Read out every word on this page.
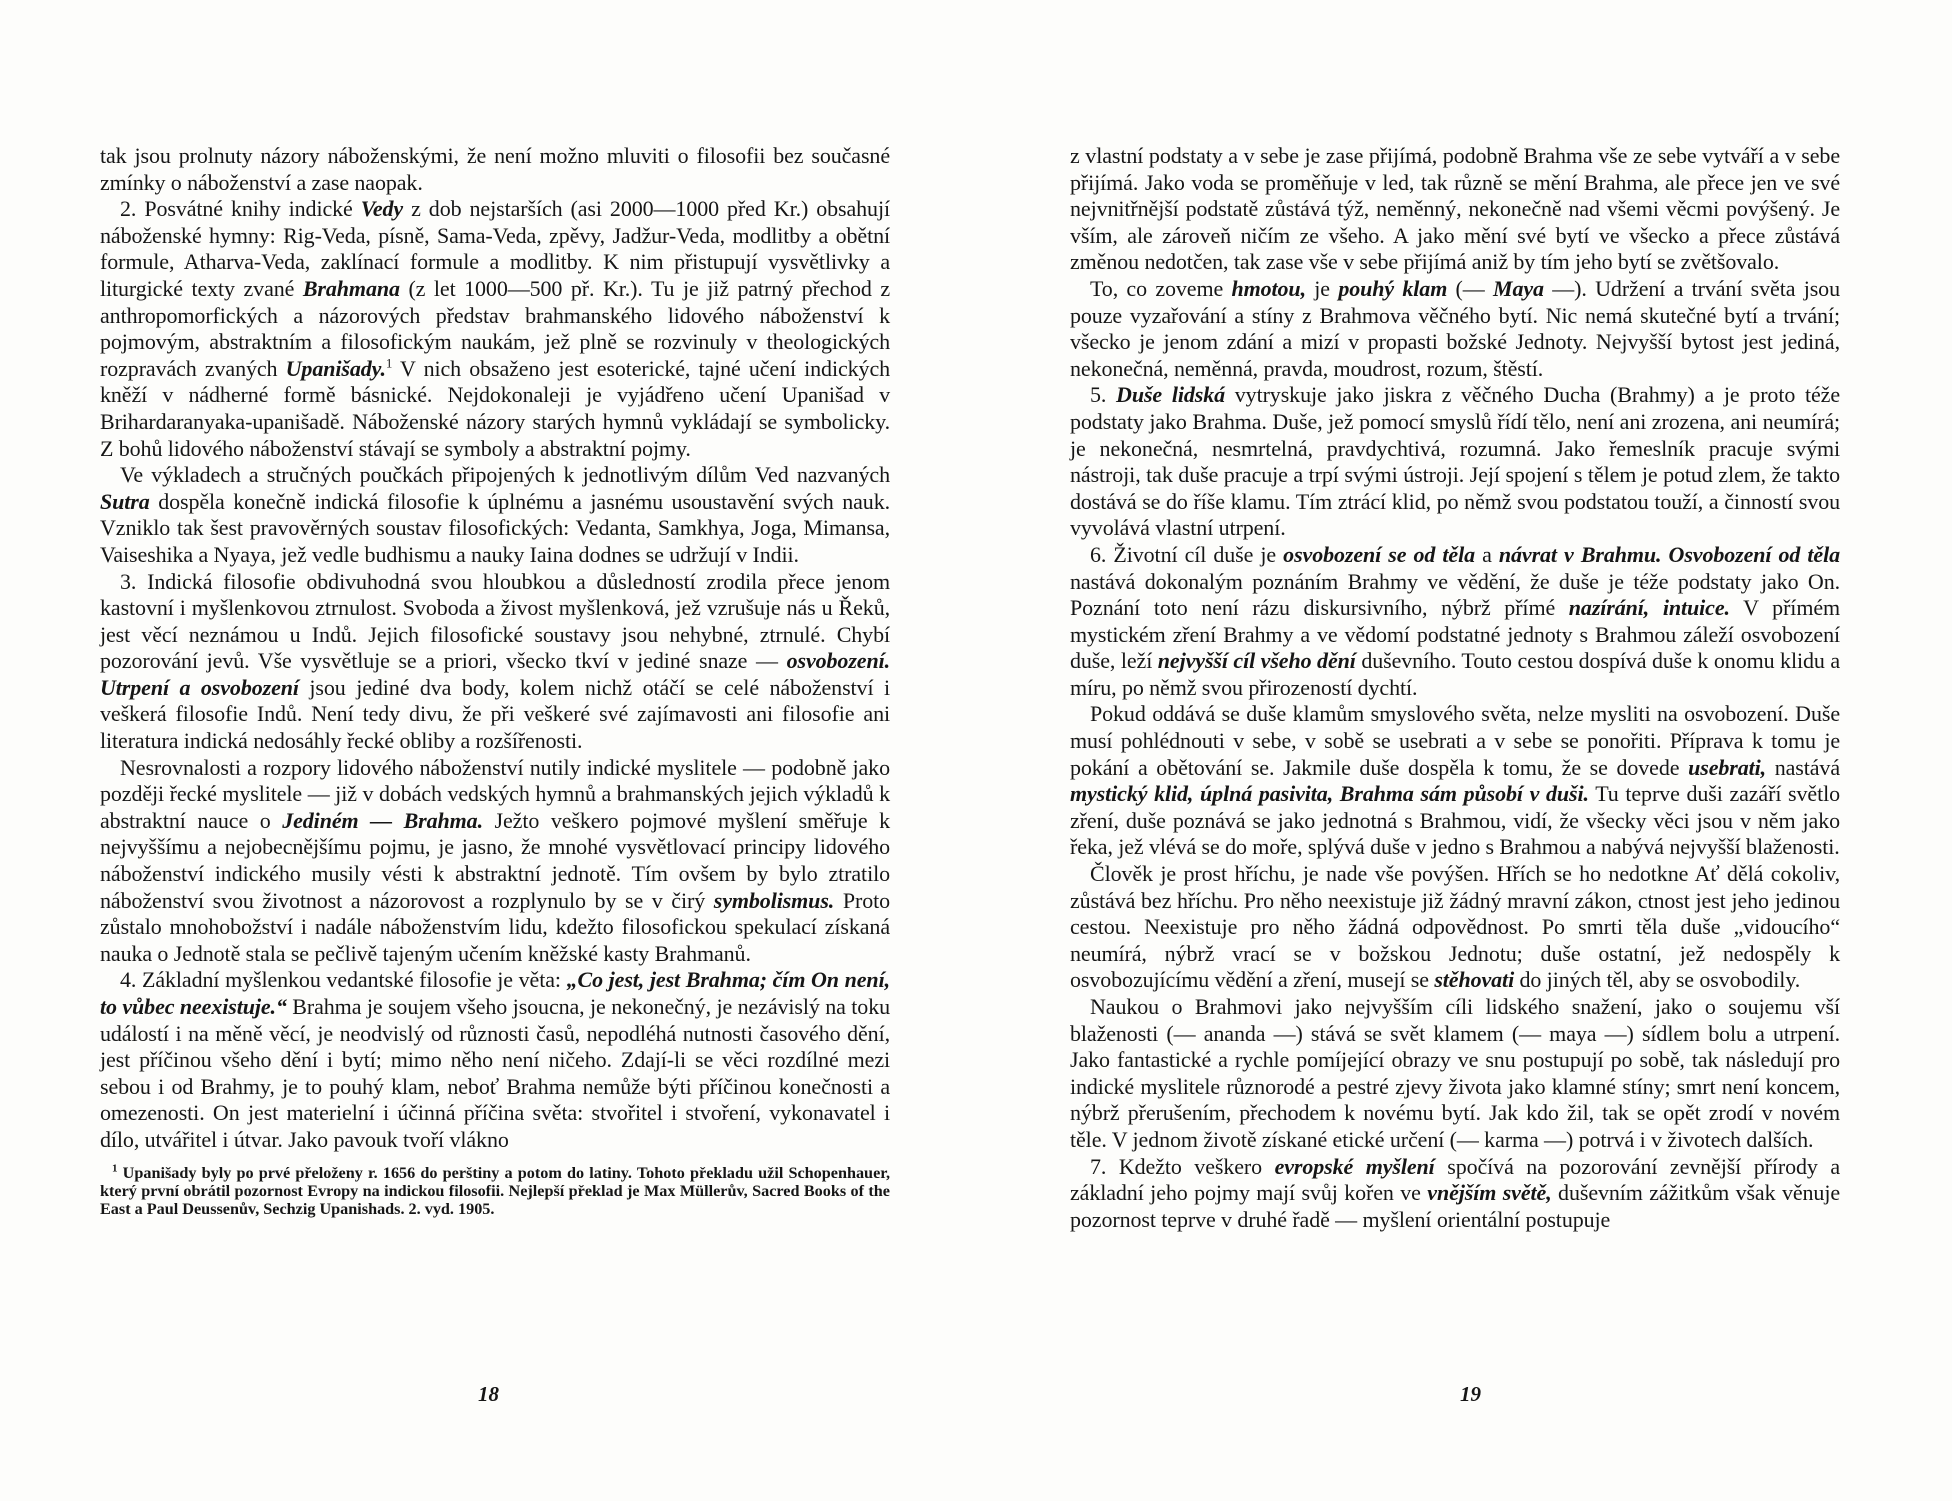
tak jsou prolnuty názory náboženskými, že není možno mluviti o filosofii bez současné zmínky o náboženství a zase naopak.

2. Posvátné knihy indické Vedy z dob nejstarších (asi 2000—1000 před Kr.) obsahují náboženské hymny: Rig-Veda, písně, Sama-Veda, zpěvy, Jadžur-Veda, modlitby a obětní formule, Atharva-Veda, zaklínací formule a modlitby. K nim přistupují vysvětlivky a liturgické texty zvané Brahmana (z let 1000—500 př. Kr.). Tu je již patrný přechod z anthropomorfických a názorových představ brahmanského lidového náboženství k pojmovým, abstraktním a filosofickým naukám, jež plně se rozvinuly v theologických rozpravách zvaných Upanišady.$^1$ V nich obsaženo jest esoterické, tajné učení indických kněží v nádherné formě básnické. Nejdokonaleji je vyjádřeno učení Upanišad v Brihardaranyaka-upanišadě. Náboženské názory starých hymnů vykládají se symbolicky. Z bohů lidového náboženství stávají se symboly a abstraktní pojmy.

Ve výkladech a stručných poučkách připojených k jednotlivým dílům Ved nazvaných Sutra dospěla konečně indická filosofie k úplnému a jasnému usoustavění svých nauk. Vzniklo tak šest pravověrných soustav filosofických: Vedanta, Samkhya, Joga, Mimansa, Vaiseshika a Nyaya, jež vedle budhismu a nauky Iaina dodnes se udržují v Indii.

3. Indická filosofie obdivuhodná svou hloubkou a důsledností zrodila přece jenom kastovní i myšlenkovou ztrnulost. Svoboda a živost myšlenková, jež vzrušuje nás u Řeků, jest věcí neznámou u Indů. Jejich filosofické soustavy jsou nehybné, ztrnulé. Chybí pozorování jevů. Vše vysvětluje se a priori, všecko tkví v jediné snaze — osvobození. Utrpení a osvobození jsou jediné dva body, kolem nichž otáčí se celé náboženství i veškerá filosofie Indů. Není tedy divu, že při veškeré své zajímavosti ani filosofie ani literatura indická nedosáhly řecké obliby a rozšířenosti.

Nesrovnalosti a rozpory lidového náboženství nutily indické myslitele — podobně jako později řecké myslitele — již v dobách vedských hymnů a brahmanských jejich výkladů k abstraktní nauce o Jediném — Brahma. Ježto veškero pojmové myšlení směřuje k nejvyššímu a nejobecnějšímu pojmu, je jasno, že mnohé vysvětlovací principy lidového náboženství indického musily vésti k abstraktní jednotě. Tím ovšem by bylo ztratilo náboženství svou životnost a názorovost a rozplynulo by se v čirý symbolismus. Proto zůstalo mnohobožství i nadále náboženstvím lidu, kdežto filosofickou spekulací získaná nauka o Jednotě stala se pečlivě tajeným učením kněžské kasty Brahmanů.

4. Základní myšlenkou vedantské filosofie je věta: „Co jest, jest Brahma; čím On není, to vůbec neexistuje.“ Brahma je soujem všeho jsoucna, je nekonečný, je nezávislý na toku událostí i na měně věcí, je neodvislý od různosti časů, nepodléhá nutnosti časového dění, jest příčinou všeho dění i bytí; mimo něho není ničeho. Zdají-li se věci rozdílné mezi sebou i od Brahmy, je to pouhý klam, neboť Brahma nemůže býti příčinou konečnosti a omezenosti. On jest materielní i účinná příčina světa: stvořitel i stvoření, vykonavatel i dílo, utvářitel i útvar. Jako pavouk tvoří vlákno

$^1$ Upanišady byly po prvé přeloženy r. 1656 do perštiny a potom do latiny. Tohoto překladu užil Schopenhauer, který první obrátil pozornost Evropy na indickou filosofii. Nejlepší překlad je Max Müllerův, Sacred Books of the East a Paul Deussenův, Sechzig Upanishads. 2. vyd. 1905.

z vlastní podstaty a v sebe je zase přijímá, podobně Brahma vše ze sebe vytváří a v sebe přijímá. Jako voda se proměňuje v led, tak různě se mění Brahma, ale přece jen ve své nejvnitřnější podstatě zůstává týž, neměnný, nekonečně nad všemi věcmi povýšený. Je vším, ale zároveň ničím ze všeho. A jako mění své bytí ve všecko a přece zůstává změnou nedotčen, tak zase vše v sebe přijímá aniž by tím jeho bytí se zvětšovalo.

To, co zoveme hmotou, je pouhý klam (— Maya —). Udržení a trvání světa jsou pouze vyzařování a stíny z Brahmova věčného bytí. Nic nemá skutečné bytí a trvání; všecko je jenom zdání a mizí v propasti božské Jednoty. Nejvyšší bytost jest jediná, nekonečná, neměnná, pravda, moudrost, rozum, štěstí.

5. Duše lidská vytryskuje jako jiskra z věčného Ducha (Brahmy) a je proto téže podstaty jako Brahma. Duše, jež pomocí smyslů řídí tělo, není ani zrozena, ani neumírá; je nekonečná, nesmrtelná, pravdychtivá, rozumná. Jako řemeslník pracuje svými nástroji, tak duše pracuje a trpí svými ústroji. Její spojení s tělem je potud zlem, že takto dostává se do říše klamu. Tím ztrácí klid, po němž svou podstatou touží, a činností svou vyvolává vlastní utrpení.

6. Životní cíl duše je osvobození se od těla a návrat v Brahmu. Osvobození od těla nastává dokonalým poznáním Brahmy ve vědění, že duše je téže podstaty jako On. Poznání toto není rázu diskursivního, nýbrž přímé nazírání, intuice. V přímém mystickém zření Brahmy a ve vědomí podstatné jednoty s Brahmou záleží osvobození duše, leží nejvyšší cíl všeho dění duševního. Touto cestou dospívá duše k onomu klidu a míru, po němž svou přirozeností dychtí.

Pokud oddává se duše klamům smyslového světa, nelze mysliti na osvobození. Duše musí pohlédnouti v sebe, v sobě se usebrati a v sebe se ponořiti. Příprava k tomu je pokání a obětování se. Jakmile duše dospěla k tomu, že se dovede usebrati, nastává mystický klid, úplná pasivita, Brahma sám působí v duši. Tu teprve duši zazáří světlo zření, duše poznává se jako jednotná s Brahmou, vidí, že všecky věci jsou v něm jako řeka, jež vlévá se do moře, splývá duše v jedno s Brahmou a nabývá nejvyšší blaženosti.

Člověk je prost hříchu, je nade vše povýšen. Hřích se ho nedotkne Ať dělá cokoliv, zůstává bez hříchu. Pro něho neexistuje již žádný mravní zákon, ctnost jest jeho jedinou cestou. Neexistuje pro něho žádná odpovědnost. Po smrti těla duše „vidoucího“ neumírá, nýbrž vrací se v božskou Jednotu; duše ostatní, jež nedospěly k osvobozujícímu vědění a zření, musejí se stěhovati do jiných těl, aby se osvobodily.

Naukou o Brahmovi jako nejvyšším cíli lidského snažení, jako o soujemu vší blaženosti (— ananda —) stává se svět klamem (— maya —) sídlem bolu a utrpení. Jako fantastické a rychle pomíjející obrazy ve snu postupují po sobě, tak následují pro indické myslitele různorodé a pestré zjevy života jako klamné stíny; smrt není koncem, nýbrž přerušením, přechodem k novému bytí. Jak kdo žil, tak se opět zrodí v novém těle. V jednom životě získané etické určení (— karma —) potrvá i v životech dalších.

7. Kdežto veškero evropské myšlení spočívá na pozorování zevnější přírody a základní jeho pojmy mají svůj kořen ve vnějším světě, duševním zážitkům však věnuje pozornost teprve v druhé řadě — myšlení orientální postupuje

18	19
